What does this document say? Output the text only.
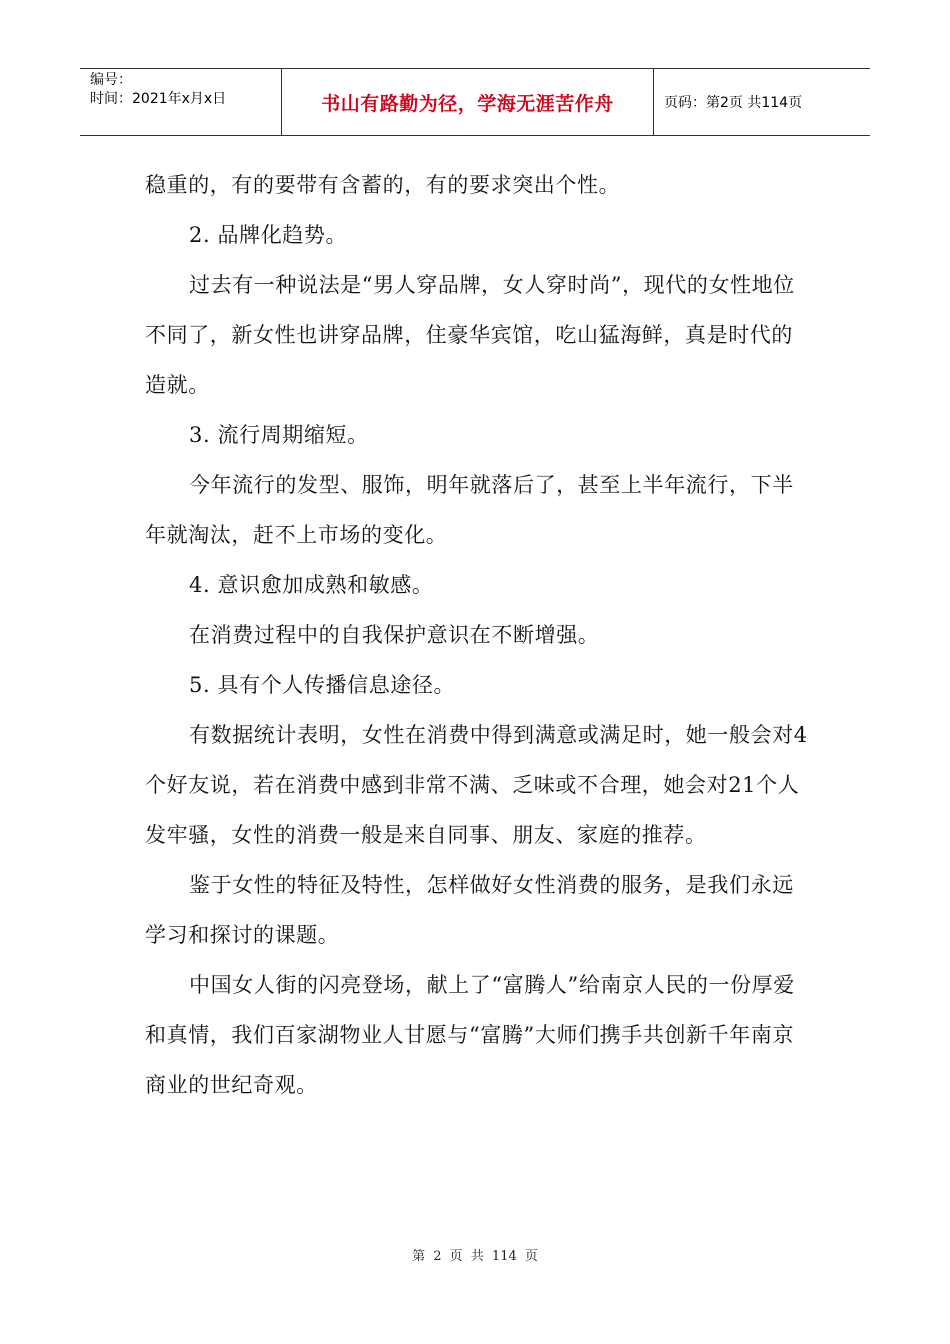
编号：
时间：2021年x月x日	书山有路勤为径，学海无涯苦作舟	页码：第2页 共114页

稳重的，有的要带有含蓄的，有的要求突出个性。

2. 品牌化趋势。

过去有一种说法是“男人穿品牌，女人穿时尚”，现代的女性地位不同了，新女性也讲穿品牌，住豪华宾馆，吃山猛海鲜，真是时代的造就。

3. 流行周期缩短。

今年流行的发型、服饰，明年就落后了，甚至上半年流行，下半年就淘汰，赶不上市场的变化。

4. 意识愈加成熟和敏感。

在消费过程中的自我保护意识在不断增强。

5. 具有个人传播信息途径。

有数据统计表明，女性在消费中得到满意或满足时，她一般会对4个好友说，若在消费中感到非常不满、乏味或不合理，她会对21个人发牢骚，女性的消费一般是来自同事、朋友、家庭的推荐。

鉴于女性的特征及特性，怎样做好女性消费的服务，是我们永远学习和探讨的课题。

中国女人街的闪亮登场，献上了“富腾人”给南京人民的一份厚爱和真情，我们百家湖物业人甘愿与“富腾”大师们携手共创新千年南京商业的世纪奇观。

第 2 页 共 114 页
